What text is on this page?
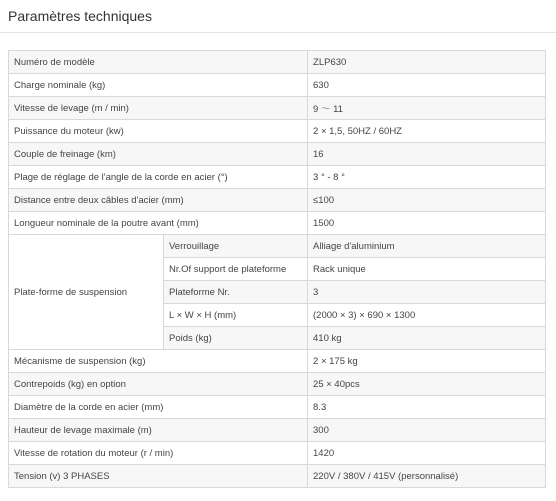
Paramètres techniques
Numéro de modèle		ZLP630
Charge nominale (kg)		630
Vitesse de levage (m / min)		9 ～ 11
Puissance du moteur (kw)		2 × 1,5, 50HZ / 60HZ
Couple de freinage (km)		16
Plage de réglage de l'angle de la corde en acier (°)		3 ° - 8 °
Distance entre deux câbles d'acier (mm)		≤100
Longueur nominale de la poutre avant (mm)		1500
Plate-forme de suspension	Verrouillage	Alliage d'aluminium
	Nr.Of support de plateforme	Rack unique
	Plateforme Nr.	3
	L × W × H (mm)	(2000 × 3) × 690 × 1300
	Poids (kg)	410 kg
Mécanisme de suspension (kg)		2 × 175 kg
Contrepoids (kg) en option		25 × 40pcs
Diamètre de la corde en acier (mm)		8.3
Hauteur de levage maximale (m)		300
Vitesse de rotation du moteur (r / min)		1420
Tension (v) 3 PHASES		220V / 380V / 415V (personnalisé)
